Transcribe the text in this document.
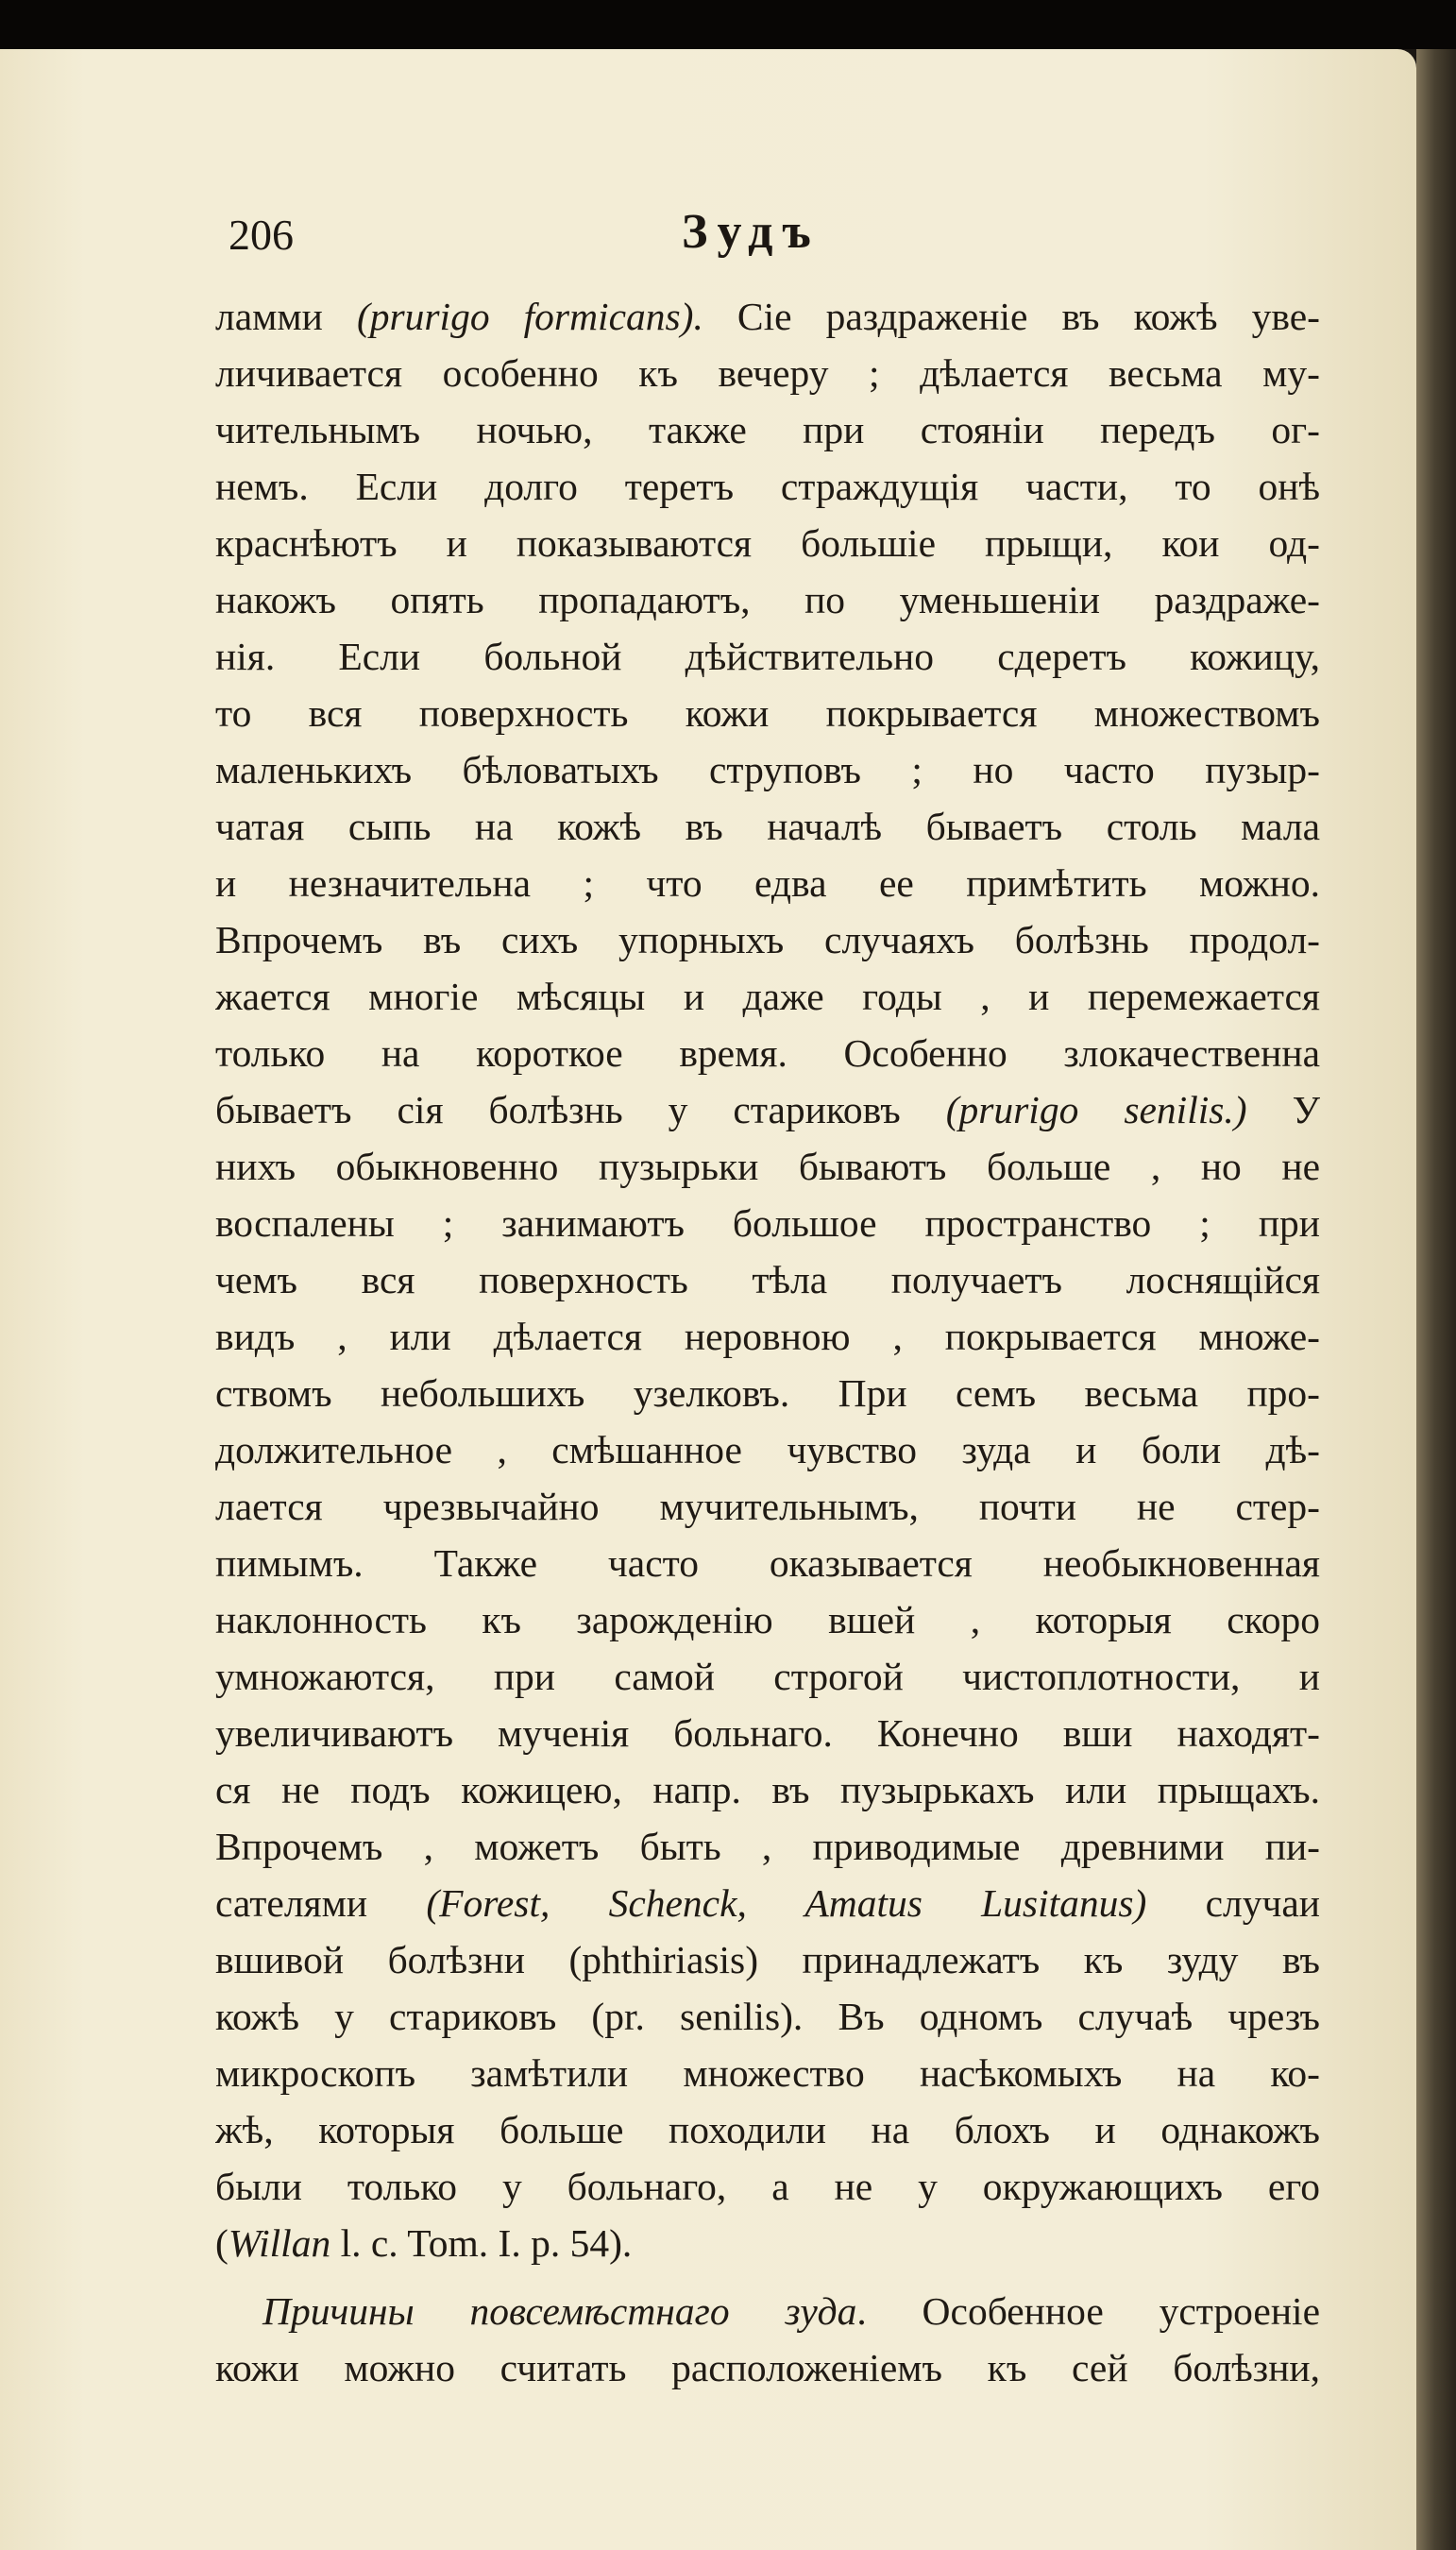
206	Зудъ
ламми (prurigo formicans). Сіе раздраженіе въ кожѣ уве-
личивается особенно къ вечеру ; дѣлается весьма му-
чительнымъ ночью, также при стояніи передъ ог-
немъ. Если долго теретъ страждущія части, то онѣ
краснѣютъ и показываются большіе прыщи, кои од-
накожъ опять пропадаютъ, по уменьшеніи раздраже-
нія. Если больной дѣйствительно сдеретъ кожицу,
то вся поверхность кожи покрывается множествомъ
маленькихъ бѣловатыхъ струповъ ; но часто пузыр-
чатая сыпь на кожѣ въ началѣ бываетъ столь мала
и незначительна ; что едва ее примѣтить можно.
Впрочемъ въ сихъ упорныхъ случаяхъ болѣзнь продол-
жается многіе мѣсяцы и даже годы , и перемежается
только на короткое время. Особенно злокачественна
бываетъ сія болѣзнь у стариковъ (prurigo senilis.) У
нихъ обыкновенно пузырьки бываютъ больше , но не
воспалены ; занимаютъ большое пространство ; при
чемъ вся поверхность тѣла получаетъ лоснящійся
видъ , или дѣлается неровною , покрывается множе-
ствомъ небольшихъ узелковъ. При семъ весьма про-
должительное , смѣшанное чувство зуда и боли дѣ-
лается чрезвычайно мучительнымъ, почти не стер-
пимымъ. Также часто оказывается необыкновенная
наклонность къ зарожденію вшей , которыя скоро
умножаются, при самой строгой чистоплотности, и
увеличиваютъ мученія больнаго. Конечно вши находят-
ся не подъ кожицею, напр. въ пузырькахъ или прыщахъ.
Впрочемъ , можетъ быть , приводимые древними пи-
сателями (Forest, Schenck, Amatus Lusitanus) случаи
вшивой болѣзни (phthiriasis) принадлежатъ къ зуду въ
кожѣ у стариковъ (pr. senilis). Въ одномъ случаѣ чрезъ
микроскопъ замѣтили множество насѣкомыхъ на ко-
жѣ, которыя больше походили на блохъ и однакожъ
были только у больнаго, а не у окружающихъ его
(Willan l. c. Tom. I. p. 54).
Причины повсемѣстнаго зуда. Особенное устроеніе
кожи можно считать расположеніемъ къ сей болѣзни,
